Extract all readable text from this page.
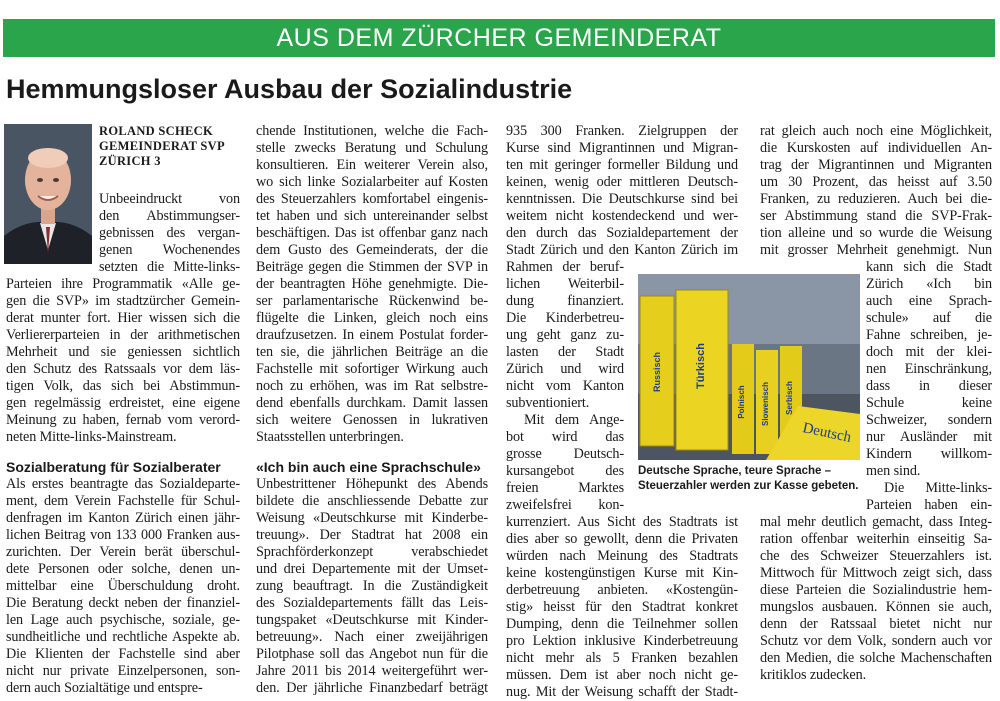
AUS DEM ZÜRCHER GEMEINDERAT
Hemmungsloser Ausbau der Sozialindustrie
ROLAND SCHECK
GEMEINDERAT SVP
ZÜRICH 3
Russisch	Türkisch
Polnisch Slowenisch Serbisch
Deutsch
Deutsche Sprache, teure Sprache –
Steuerzahler werden zur Kasse gebeten.
Sozialberatung für Sozialberater	«Ich bin auch eine Sprachschule»
Unbeeindruckt von
den Abstimmungser-
gebnissen des vergan-
genen Wochenendes
setzten die Mitte-links-
Parteien ihre Programmatik «Alle ge-
gen die SVP» im stadtzürcher Gemein-
derat munter fort. Hier wissen sich die
Verliererparteien in der arithmetischen
Mehrheit und sie geniessen sichtlich
den Schutz des Ratssaals vor dem läs-
tigen Volk, das sich bei Abstimmun-
gen regelmässig erdreistet, eine eigene
Meinung zu haben, fernab vom verord-
neten Mitte-links-Mainstream.
Als erstes beantragte das Sozialdeparte-
ment, dem Verein Fachstelle für Schul-
denfragen im Kanton Zürich einen jähr-
lichen Beitrag von 133 000 Franken aus-
zurichten. Der Verein berät überschul-
dete Personen oder solche, denen un-
mittelbar eine Überschuldung droht.
Die Beratung deckt neben der finanziel-
len Lage auch psychische, soziale, ge-
sundheitliche und rechtliche Aspekte ab.
Die Klienten der Fachstelle sind aber
nicht nur private Einzelpersonen, son-
dern auch Sozialtätige und entspre-
chende Institutionen, welche die Fach-
stelle zwecks Beratung und Schulung
konsultieren. Ein weiterer Verein also,
wo sich linke Sozialarbeiter auf Kosten
des Steuerzahlers komfortabel eingenis-
tet haben und sich untereinander selbst
beschäftigen. Das ist offenbar ganz nach
dem Gusto des Gemeinderats, der die
Beiträge gegen die Stimmen der SVP in
der beantragten Höhe genehmigte. Die-
ser parlamentarische Rückenwind be-
flügelte die Linken, gleich noch eins
draufzusetzen. In einem Postulat forder-
ten sie, die jährlichen Beiträge an die
Fachstelle mit sofortiger Wirkung auch
noch zu erhöhen, was im Rat selbstre-
dend ebenfalls durchkam. Damit lassen
sich weitere Genossen in lukrativen
Staatsstellen unterbringen.
Unbestrittener Höhepunkt des Abends
bildete die anschliessende Debatte zur
Weisung «Deutschkurse mit Kinderbe-
treuung». Der Stadtrat hat 2008 ein
Sprachförderkonzept verabschiedet
und drei Departemente mit der Umset-
zung beauftragt. In die Zuständigkeit
des Sozialdepartements fällt das Leis-
tungspaket «Deutschkurse mit Kinder-
betreuung». Nach einer zweijährigen
Pilotphase soll das Angebot nun für die
Jahre 2011 bis 2014 weitergeführt wer-
den. Der jährliche Finanzbedarf beträgt
935 300 Franken. Zielgruppen der
Kurse sind Migrantinnen und Migran-
ten mit geringer formeller Bildung und
keinen, wenig oder mittleren Deutsch-
kenntnissen. Die Deutschkurse sind bei
weitem nicht kostendeckend und wer-
den durch das Sozialdepartement der
Stadt Zürich und den Kanton Zürich im
Rahmen der beruf-
lichen Weiterbil-
dung finanziert.
Die Kinderbetreu-
ung geht ganz zu-
lasten der Stadt
Zürich und wird
nicht vom Kanton
subventioniert.
Mit dem Ange-
bot wird das
grosse Deutsch-
kursangebot des
freien Marktes
zweifelsfrei kon-
kurrenziert. Aus Sicht des Stadtrats ist
dies aber so gewollt, denn die Privaten
würden nach Meinung des Stadtrats
keine kostengünstigen Kurse mit Kin-
derbetreuung anbieten. «Kostengün-
stig» heisst für den Stadtrat konkret
Dumping, denn die Teilnehmer sollen
pro Lektion inklusive Kinderbetreuung
nicht mehr als 5 Franken bezahlen
müssen. Dem ist aber noch nicht ge-
nug. Mit der Weisung schafft der Stadt-
rat gleich auch noch eine Möglichkeit,
die Kurskosten auf individuellen An-
trag der Migrantinnen und Migranten
um 30 Prozent, das heisst auf 3.50
Franken, zu reduzieren. Auch bei die-
ser Abstimmung stand die SVP-Frak-
tion alleine und so wurde die Weisung
mit grosser Mehrheit genehmigt. Nun
kann sich die Stadt
Zürich «Ich bin
auch eine Sprach-
schule» auf die
Fahne schreiben, je-
doch mit der klei-
nen Einschränkung,
dass in dieser
Schule keine
Schweizer, sondern
nur Ausländer mit
Kindern willkom-
men sind.
Die Mitte-links-
Parteien haben ein-
mal mehr deutlich gemacht, dass Integ-
ration offenbar weiterhin einseitig Sa-
che des Schweizer Steuerzahlers ist.
Mittwoch für Mittwoch zeigt sich, dass
diese Parteien die Sozialindustrie hem-
mungslos ausbauen. Können sie auch,
denn der Ratssaal bietet nicht nur
Schutz vor dem Volk, sondern auch vor
den Medien, die solche Machenschaften
kritiklos zudecken.
